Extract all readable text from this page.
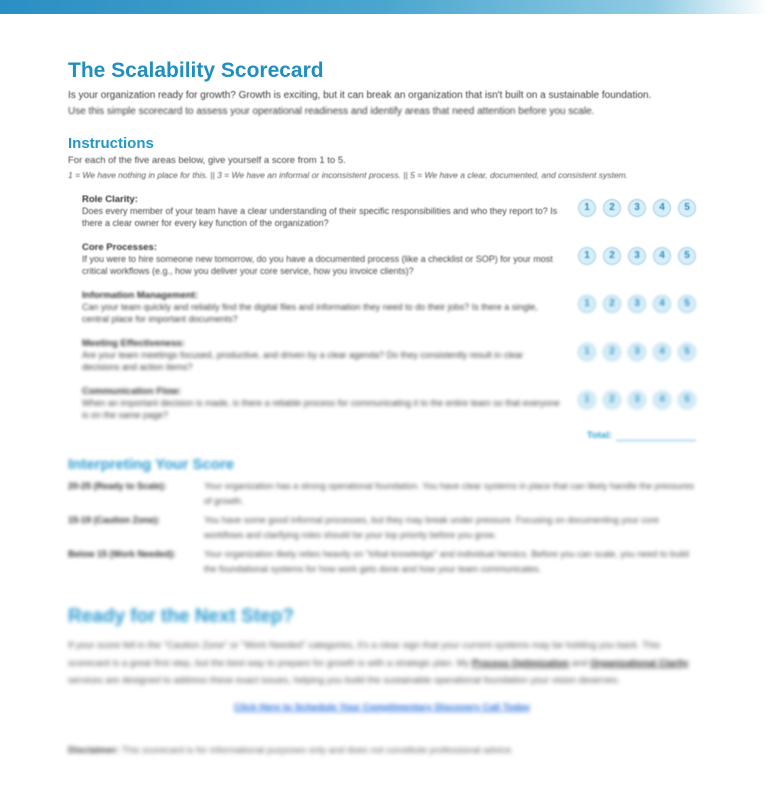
The Scalability Scorecard
Is your organization ready for growth? Growth is exciting, but it can break an organization that isn't built on a sustainable foundation.
Use this simple scorecard to assess your operational readiness and identify areas that need attention before you scale.
Instructions
For each of the five areas below, give yourself a score from 1 to 5.
1 = We have nothing in place for this. || 3 = We have an informal or inconsistent process. || 5 = We have a clear, documented, and consistent system.
Role Clarity:
Does every member of your team have a clear understanding of their specific responsibilities and who they report to? Is there a clear owner for every key function of the organization?
1	2	3	4	5
Core Processes:
If you were to hire someone new tomorrow, do you have a documented process (like a checklist or SOP) for your most critical workflows (e.g., how you deliver your core service, how you invoice clients)?
1	2	3	4	5
Information Management:
Can your team quickly and reliably find the digital files and information they need to do their jobs? Is there a single, central place for important documents?
1	2	3	4	5
Meeting Effectiveness:
Are your team meetings focused, productive, and driven by a clear agenda? Do they consistently result in clear decisions and action items?
1	2	3	4	5
Communication Flow:
When an important decision is made, is there a reliable process for communicating it to the entire team so that everyone is on the same page?
1	2	3	4	5
Total:
Interpreting Your Score
20-25 (Ready to Scale):	Your organization has a strong operational foundation. You have clear systems in place that can likely handle the pressures of growth.
15-19 (Caution Zone):	You have some good informal processes, but they may break under pressure. Focusing on documenting your core workflows and clarifying roles should be your top priority before you grow.
Below 15 (Work Needed):	Your organization likely relies heavily on "tribal knowledge" and individual heroics. Before you can scale, you need to build the foundational systems for how work gets done and how your team communicates.
Ready for the Next Step?

If your score fell in the "Caution Zone" or "Work Needed" categories, it's a clear sign that your current systems may be holding you back. This scorecard is a great first step, but the best way to prepare for growth is with a strategic plan. My Process Optimization and Organizational Clarity services are designed to address these exact issues, helping you build the sustainable operational foundation your vision deserves.

Click Here to Schedule Your Complimentary Discovery Call Today
Disclaimer: This scorecard is for informational purposes only and does not constitute professional advice.
